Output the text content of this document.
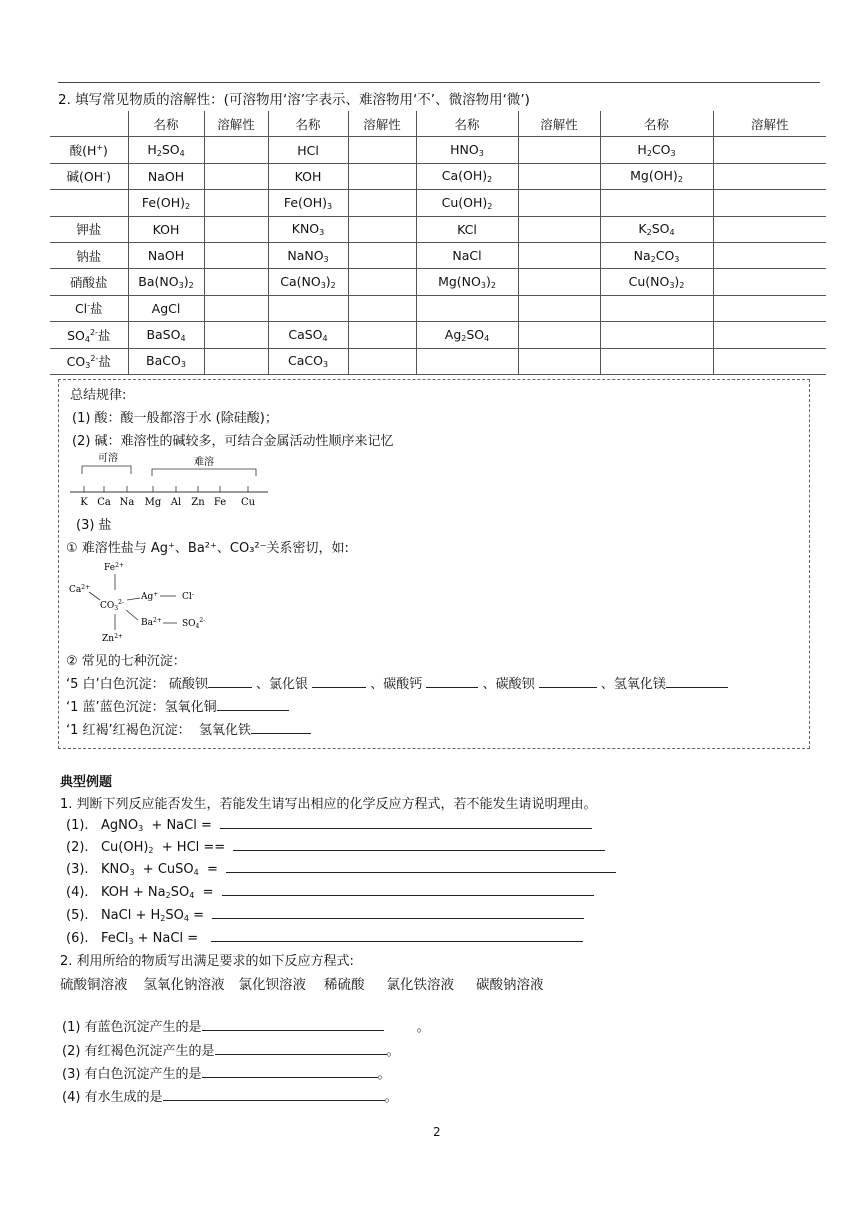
2. 填写常见物质的溶解性：(可溶物用‘溶’字表示、难溶物用‘不’、微溶物用‘微’)
	名称	溶解性	名称	溶解性	名称	溶解性	名称	溶解性
酸(H+)	$H_2SO_4$		HCl		$HNO_3$		$H_2CO_3$	
碱(OH-)	NaOH		KOH		$Ca(OH)_2$		$Mg(OH)_2$	
	$Fe(OH)_2$		$Fe(OH)_3$		$Cu(OH)_2$			
钾盐	KOH		$KNO_3$		KCl		$K_2SO_4$	
钠盐	NaOH		NaNO$_3$		NaCl		$Na_2CO_3$	
硝酸盐	$Ba(NO_3)_2$		$Ca(NO_3)_2$		$Mg(NO_3)_2$		$Cu(NO_3)_2$	
Cl-盐	AgCl							
$SO_4^{2-}$盐	BaSO$_4$		CaSO$_4$		$Ag_2SO_4$			
$CO_3^{2-}$盐	BaCO$_3$		CaCO$_3$					
总结规律:
(1) 酸：酸一般都溶于水 (除硅酸)；
(2) 碱：难溶性的碱较多，可结合金属活动性顺序来记忆
可溶	难溶
K Ca Na Mg Al Zn Fe Cu
(3) 盐
① 难溶性盐与 Ag⁺、Ba²⁺、CO₃²⁻关系密切，如:
$Fe^{2+}$
$Ca^{2+}$
$CO_3^{2-}$
Ag+	Cl-
$Ba^{2+}$ $SO_4^{2-}$
$Zn^{2+}$
② 常见的七种沉淀：
‘5 白’白色沉淀： 硫酸钡	、氯化银	、碳酸钙	、碳酸钡	、氢氧化镁
‘1 蓝’蓝色沉淀：氢氧化铜
‘1 红褐’红褐色沉淀： 氢氧化铁
典型例题
1. 判断下列反应能否发生，若能发生请写出相应的化学反应方程式，若不能发生请说明理由。
(1). AgNO$_3$ + NaCl =
(2). $Cu(OH)_2$ + HCl ==
(3). $KNO_3$ + CuSO$_4$ =
(4). KOH + $Na_2SO_4$ =
(5). NaCl + $H_2SO_4$ =
(6). FeCl$_3$ + NaCl =
2. 利用所给的物质写出满足要求的如下反应方程式:
硫酸铜溶液 氢氧化钠溶液 氯化钡溶液 稀硫酸 氯化铁溶液 碳酸钠溶液
(1) 有蓝色沉淀产生的是	。
(2) 有红褐色沉淀产生的是	。
(3) 有白色沉淀产生的是	。
(4) 有水生成的是	。
2
